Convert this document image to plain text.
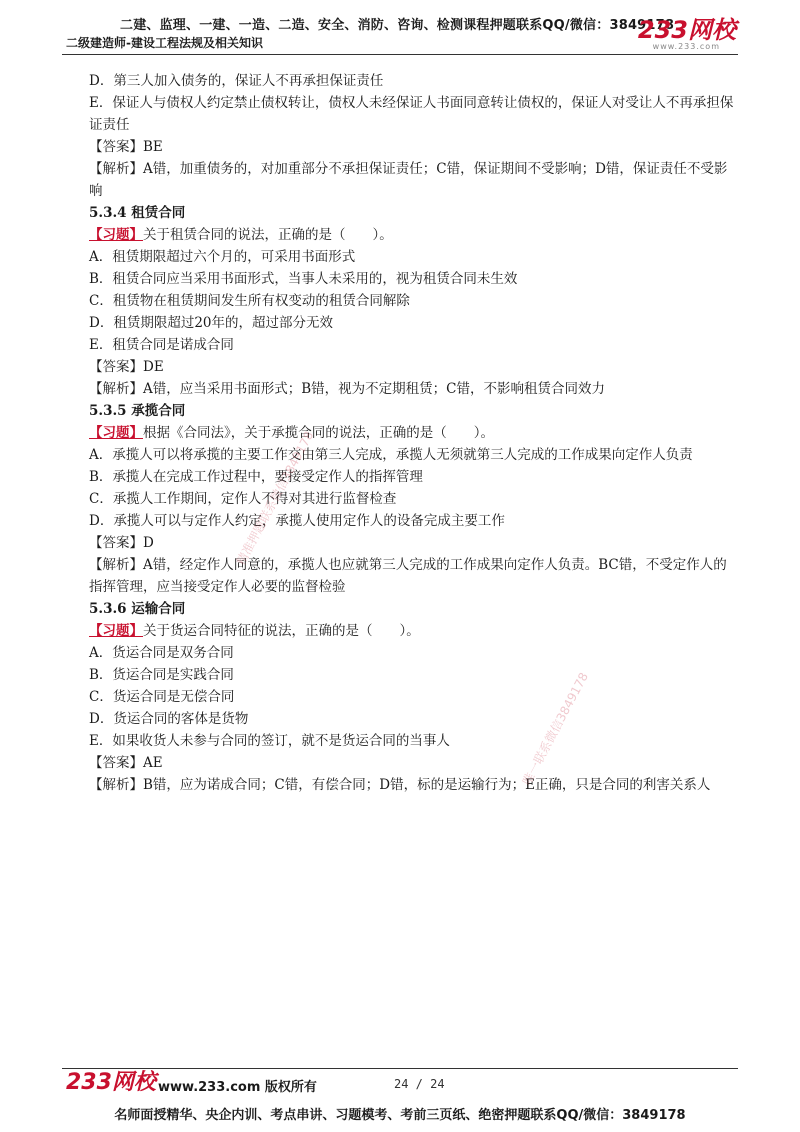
二建、监理、一建、一造、二造、安全、消防、咨询、检测课程押题联系QQ/微信：3849178
二级建造师-建设工程法规及相关知识	233网校
www.233.com
D．第三人加入债务的，保证人不再承担保证责任
E．保证人与债权人约定禁止债权转让，债权人未经保证人书面同意转让债权的，保证人对受让人不再承担保证责任
【答案】BE
【解析】A错，加重债务的，对加重部分不承担保证责任；C错，保证期间不受影响；D错，保证责任不受影响
5.3.4 租赁合同
【习题】关于租赁合同的说法，正确的是（　　）。
A．租赁期限超过六个月的，可采用书面形式
B．租赁合同应当采用书面形式，当事人未采用的，视为租赁合同未生效
C．租赁物在租赁期间发生所有权变动的租赁合同解除
D．租赁期限超过20年的，超过部分无效
E．租赁合同是诺成合同
【答案】DE
【解析】A错，应当采用书面形式；B错，视为不定期租赁；C错，不影响租赁合同效力
5.3.5 承揽合同
【习题】根据《合同法》，关于承揽合同的说法，正确的是（　　）。
A．承揽人可以将承揽的主要工作交由第三人完成，承揽人无须就第三人完成的工作成果向定作人负责
B．承揽人在完成工作过程中，要接受定作人的指挥管理
C．承揽人工作期间，定作人不得对其进行监督检查
D．承揽人可以与定作人约定，承揽人使用定作人的设备完成主要工作
【答案】D
【解析】A错，经定作人同意的，承揽人也应就第三人完成的工作成果向定作人负责。BC错，不受定作人的指挥管理，应当接受定作人必要的监督检验
5.3.6 运输合同
【习题】关于货运合同特征的说法，正确的是（　　）。
A．货运合同是双务合同
B．货运合同是实践合同
C．货运合同是无偿合同
D．货运合同的客体是货物
E．如果收货人未参与合同的签订，就不是货运合同的当事人
【答案】AE
【解析】B错，应为诺成合同；C错，有偿合同；D错，标的是运输行为；E正确，只是合同的利害关系人
精准押题联系微信3849178
唯一联系微信3849178
233网校 www.233.com 版权所有	24 / 24
名师面授精华、央企内训、考点串讲、习题模考、考前三页纸、绝密押题联系QQ/微信：3849178
